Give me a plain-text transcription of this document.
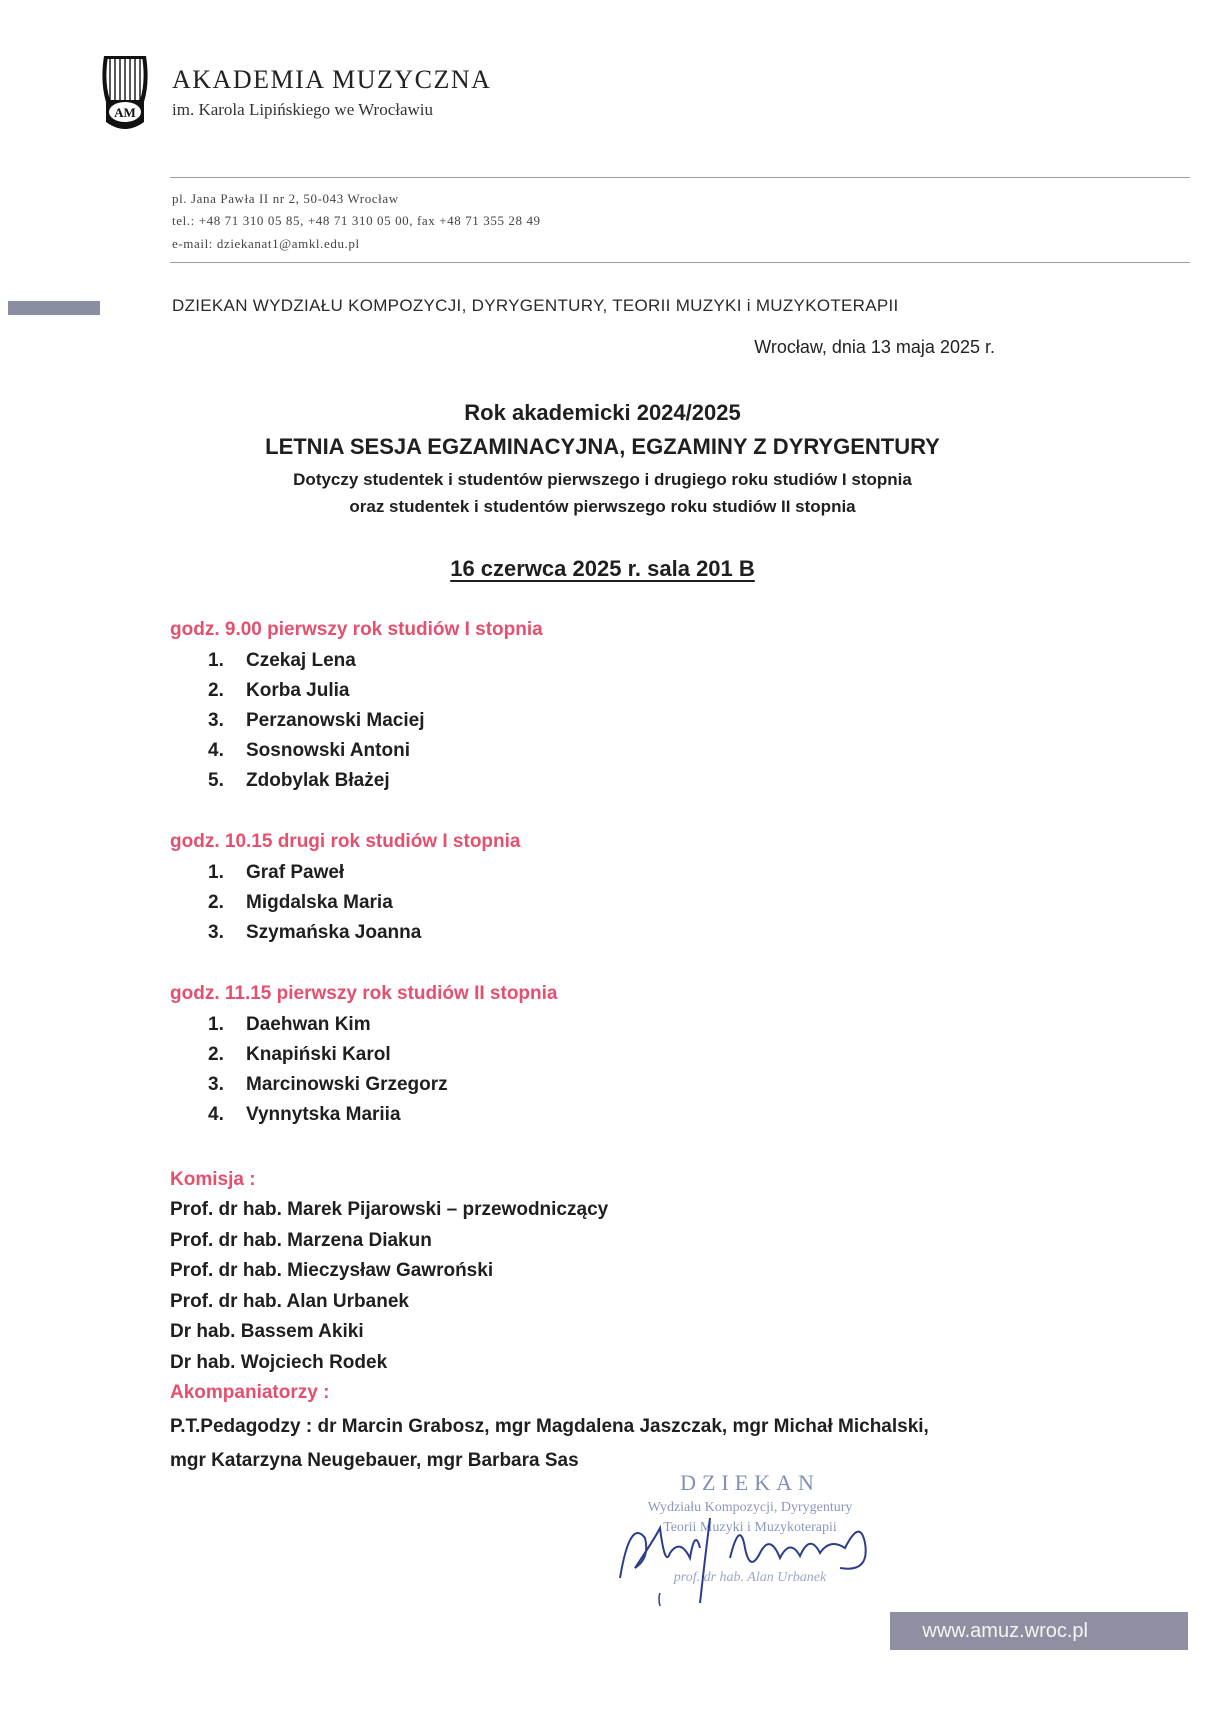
AM
AKADEMIA MUZYCZNA
im. Karola Lipińskiego we Wrocławiu
pl. Jana Pawła II nr 2, 50-043 Wrocław
tel.: +48 71 310 05 85, +48 71 310 05 00, fax +48 71 355 28 49
e-mail: dziekanat1@amkl.edu.pl
DZIEKAN WYDZIAŁU KOMPOZYCJI, DYRYGENTURY, TEORII MUZYKI i MUZYKOTERAPII
Wrocław, dnia 13 maja 2025 r.
Rok akademicki 2024/2025
LETNIA SESJA EGZAMINACYJNA, EGZAMINY Z DYRYGENTURY
Dotyczy studentek i studentów pierwszego i drugiego roku studiów I stopnia
oraz studentek i studentów pierwszego roku studiów II stopnia
16 czerwca 2025 r. sala 201 B
godz. 9.00 pierwszy rok studiów I stopnia
1.	Czekaj Lena
2.	Korba Julia
3.	Perzanowski Maciej
4.	Sosnowski Antoni
5.	Zdobylak Błażej
godz. 10.15 drugi rok studiów I stopnia
1.	Graf Paweł
2.	Migdalska Maria
3.	Szymańska Joanna
godz. 11.15 pierwszy rok studiów II stopnia
1.	Daehwan Kim
2.	Knapiński Karol
3.	Marcinowski Grzegorz
4.	Vynnytska Mariia
Komisja :
Prof. dr hab. Marek Pijarowski – przewodniczący
Prof. dr hab. Marzena Diakun
Prof. dr hab. Mieczysław Gawroński
Prof. dr hab. Alan Urbanek
Dr hab. Bassem Akiki
Dr hab. Wojciech Rodek
Akompaniatorzy :
P.T.Pedagodzy : dr Marcin Grabosz, mgr Magdalena Jaszczak, mgr Michał Michalski,
mgr Katarzyna Neugebauer, mgr Barbara Sas
DZIEKAN
Wydziału Kompozycji, Dyrygentury
Teorii Muzyki i Muzykoterapii
prof. dr hab. Alan Urbanek
www.amuz.wroc.pl
